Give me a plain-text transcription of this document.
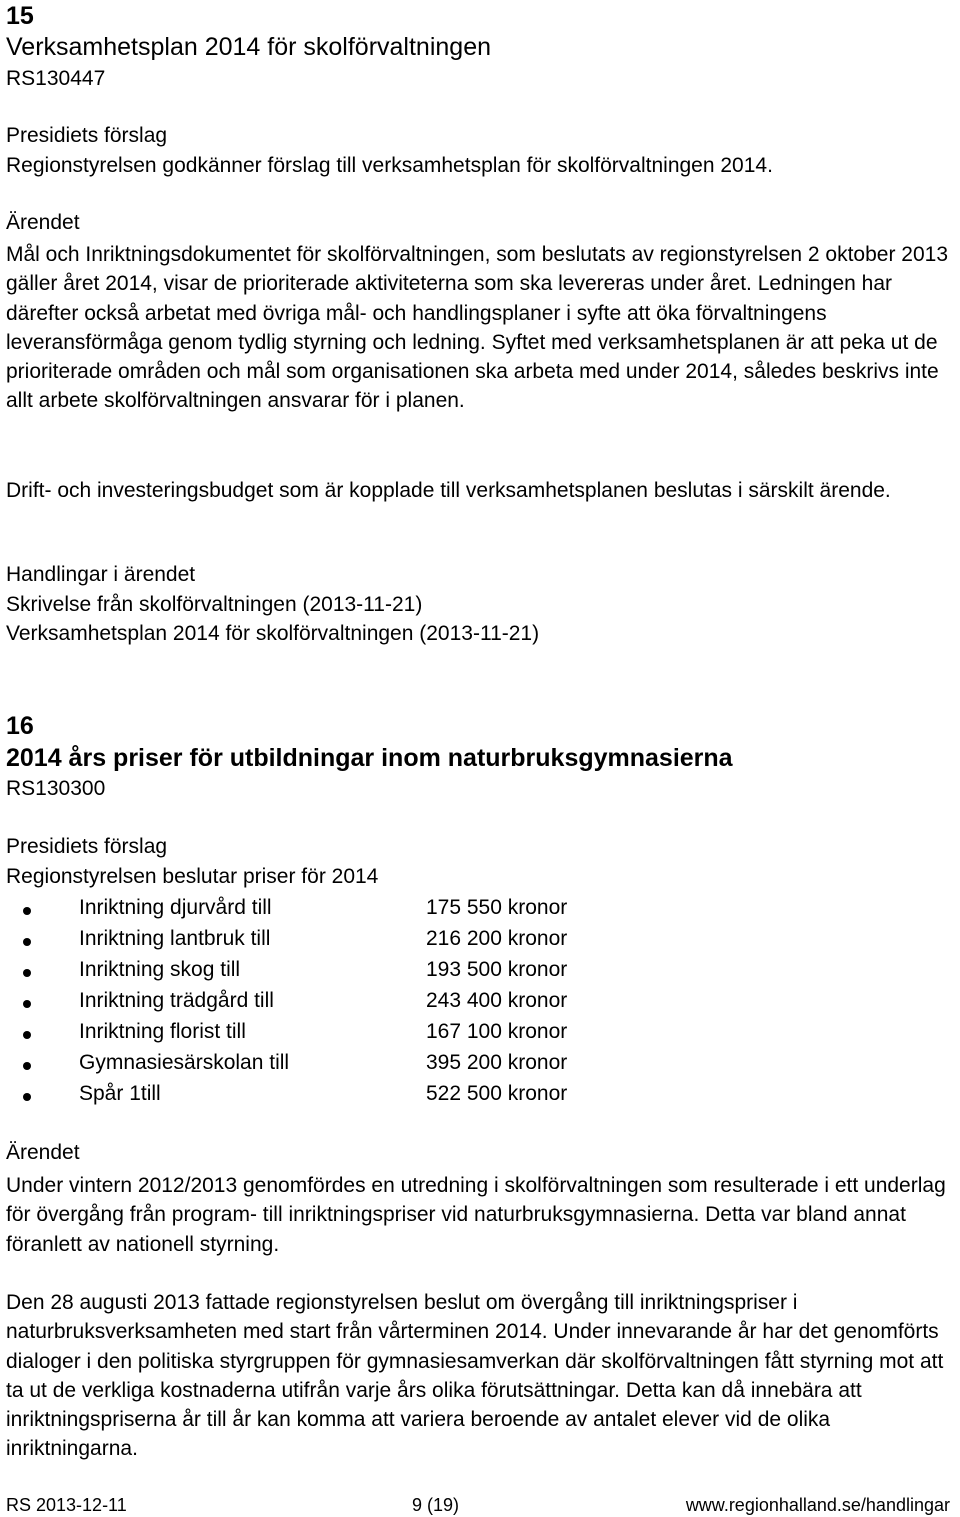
15
Verksamhetsplan 2014 för skolförvaltningen
RS130447
Presidiets förslag
Regionstyrelsen godkänner förslag till verksamhetsplan för skolförvaltningen 2014.
Ärendet
Mål och Inriktningsdokumentet för skolförvaltningen, som beslutats av regionstyrelsen 2 oktober 2013 gäller året 2014, visar de prioriterade aktiviteterna som ska levereras under året. Ledningen har därefter också arbetat med övriga mål- och handlingsplaner i syfte att öka förvaltningens leveransförmåga genom tydlig styrning och ledning. Syftet med verksamhetsplanen är att peka ut de prioriterade områden och mål som organisationen ska arbeta med under 2014, således beskrivs inte allt arbete skolförvaltningen ansvarar för i planen.
Drift- och investeringsbudget som är kopplade till verksamhetsplanen beslutas i särskilt ärende.
Handlingar i ärendet
Skrivelse från skolförvaltningen (2013-11-21)
Verksamhetsplan 2014 för skolförvaltningen (2013-11-21)
16
2014 års priser för utbildningar inom naturbruksgymnasierna
RS130300
Presidiets förslag
Regionstyrelsen beslutar priser för 2014
Inriktning djurvård till	175 550 kronor
Inriktning lantbruk till	216 200 kronor
Inriktning skog till	193 500 kronor
Inriktning trädgård till	243 400 kronor
Inriktning florist till	167 100 kronor
Gymnasiesärskolan till	395 200 kronor
Spår 1till	522 500 kronor
Ärendet
Under vintern 2012/2013 genomfördes en utredning i skolförvaltningen som resulterade i ett underlag för övergång från program- till inriktningspriser vid naturbruksgymnasierna. Detta var bland annat föranlett av nationell styrning.
Den 28 augusti 2013 fattade regionstyrelsen beslut om övergång till inriktningspriser i naturbruksverksamheten med start från vårterminen 2014. Under innevarande år har det genomförts dialoger i den politiska styrgruppen för gymnasiesamverkan där skolförvaltningen fått styrning mot att ta ut de verkliga kostnaderna utifrån varje års olika förutsättningar. Detta kan då innebära att inriktningspriserna år till år kan komma att variera beroende av antalet elever vid de olika inriktningarna.
RS 2013-12-11	9 (19)	www.regionhalland.se/handlingar
